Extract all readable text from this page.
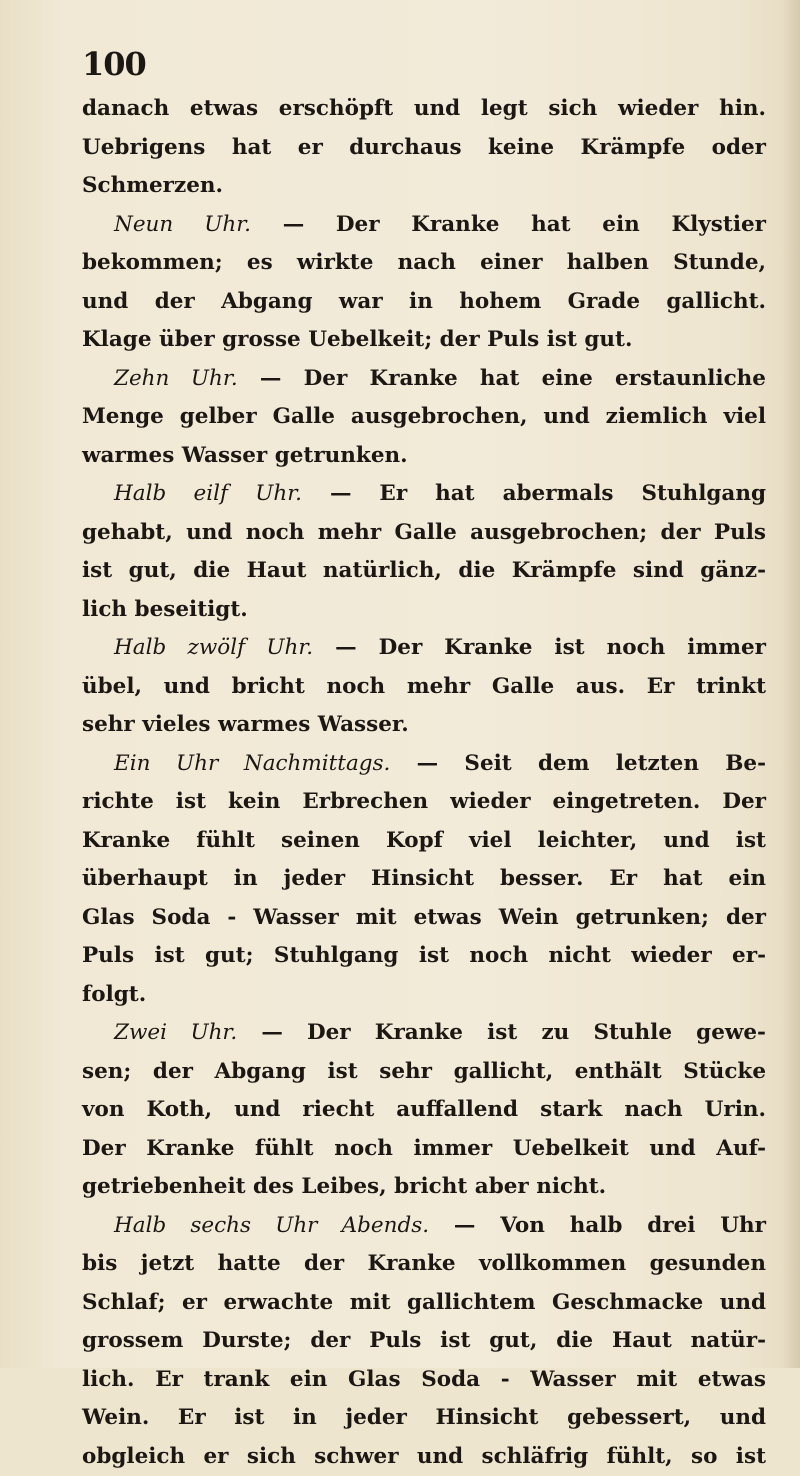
100

danach etwas erschöpft und legt sich wieder hin.
Uebrigens hat er durchaus keine Krämpfe oder
Schmerzen.
Neun Uhr. — Der Kranke hat ein Klystier
bekommen; es wirkte nach einer halben Stunde,
und der Abgang war in hohem Grade gallicht.
Klage über grosse Uebelkeit; der Puls ist gut.
Zehn Uhr. — Der Kranke hat eine erstaunliche
Menge gelber Galle ausgebrochen, und ziemlich viel
warmes Wasser getrunken.
Halb eilf Uhr. — Er hat abermals Stuhlgang
gehabt, und noch mehr Galle ausgebrochen; der Puls
ist gut, die Haut natürlich, die Krämpfe sind gänz-
lich beseitigt.
Halb zwölf Uhr. — Der Kranke ist noch immer
übel, und bricht noch mehr Galle aus. Er trinkt
sehr vieles warmes Wasser.
Ein Uhr Nachmittags. — Seit dem letzten Be-
richte ist kein Erbrechen wieder eingetreten. Der
Kranke fühlt seinen Kopf viel leichter, und ist
überhaupt in jeder Hinsicht besser. Er hat ein
Glas Soda - Wasser mit etwas Wein getrunken; der
Puls ist gut; Stuhlgang ist noch nicht wieder er-
folgt.
Zwei Uhr. — Der Kranke ist zu Stuhle gewe-
sen; der Abgang ist sehr gallicht, enthält Stücke
von Koth, und riecht auffallend stark nach Urin.
Der Kranke fühlt noch immer Uebelkeit und Auf-
getriebenheit des Leibes, bricht aber nicht.
Halb sechs Uhr Abends. — Von halb drei Uhr
bis jetzt hatte der Kranke vollkommen gesunden
Schlaf; er erwachte mit gallichtem Geschmacke und
grossem Durste; der Puls ist gut, die Haut natür-
lich. Er trank ein Glas Soda - Wasser mit etwas
Wein. Er ist in jeder Hinsicht gebessert, und
obgleich er sich schwer und schläfrig fühlt, so ist
